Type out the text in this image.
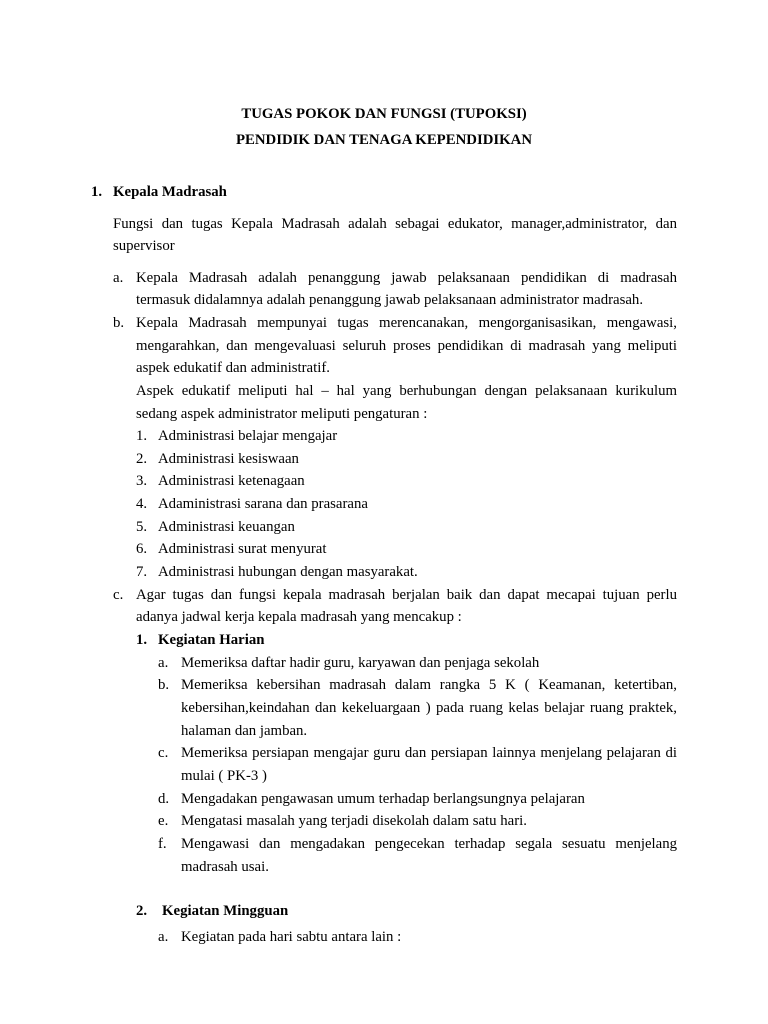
TUGAS POKOK DAN FUNGSI (TUPOKSI)
PENDIDIK DAN TENAGA KEPENDIDIKAN
1. Kepala Madrasah
Fungsi dan tugas Kepala Madrasah adalah sebagai edukator, manager,administrator, dan
supervisor
a. Kepala Madrasah adalah penanggung jawab pelaksanaan pendidikan di madrasah
termasuk didalamnya adalah penanggung jawab pelaksanaan administrator madrasah.
b. Kepala Madrasah mempunyai tugas merencanakan, mengorganisasikan, mengawasi,
mengarahkan, dan mengevaluasi seluruh proses pendidikan di madrasah yang meliputi
aspek edukatif dan administratif.
Aspek edukatif meliputi hal – hal yang berhubungan dengan pelaksanaan kurikulum
sedang aspek administrator meliputi pengaturan :
1. Administrasi belajar mengajar
2. Administrasi kesiswaan
3. Administrasi ketenagaan
4. Adaministrasi sarana dan prasarana
5. Administrasi keuangan
6. Administrasi surat menyurat
7. Administrasi hubungan dengan masyarakat.
c. Agar tugas dan fungsi kepala madrasah berjalan baik dan dapat mecapai tujuan perlu
adanya jadwal kerja kepala madrasah yang mencakup :
1. Kegiatan Harian
a. Memeriksa daftar hadir guru, karyawan dan penjaga sekolah
b. Memeriksa kebersihan madrasah dalam rangka 5 K ( Keamanan, ketertiban,
kebersihan,keindahan dan kekeluargaan ) pada ruang kelas belajar ruang praktek,
halaman dan jamban.
c. Memeriksa persiapan mengajar guru dan persiapan lainnya menjelang pelajaran di
mulai ( PK-3 )
d. Mengadakan pengawasan umum terhadap berlangsungnya pelajaran
e. Mengatasi masalah yang terjadi disekolah dalam satu hari.
f. Mengawasi dan mengadakan pengecekan terhadap segala sesuatu menjelang
madrasah usai.
2.	Kegiatan Mingguan
a. Kegiatan pada hari sabtu antara lain :
